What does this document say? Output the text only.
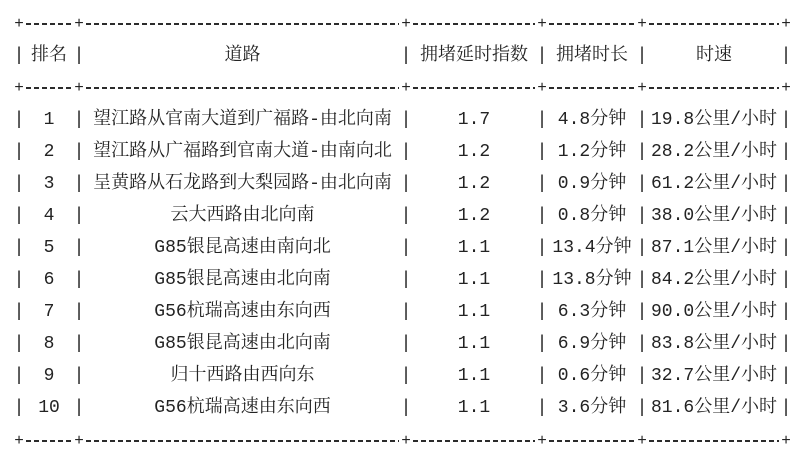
+	+	+	+	+	+
|	|	|	|	|	|
排名	道路	拥堵延时指数	拥堵时长	时速
+	+	+	+	+	+
|	|	|	|	|	|
1	望江路从官南大道到广福路-由北向南	1.7	4.8分钟	19.8公里/小时
|	|	|	|	|	|
2	望江路从广福路到官南大道-由南向北	1.2	1.2分钟	28.2公里/小时
|	|	|	|	|	|
3	呈黄路从石龙路到大梨园路-由北向南	1.2	0.9分钟	61.2公里/小时
|	|	|	|	|	|
4	云大西路由北向南	1.2	0.8分钟	38.0公里/小时
|	|	|	|	|	|
5	G85银昆高速由南向北	1.1	13.4分钟 87.1公里/小时
|	|	|	|	|	|
6	G85银昆高速由北向南	1.1	13.8分钟 84.2公里/小时
|	|	|	|	|	|
7	G56杭瑞高速由东向西	1.1	6.3分钟	90.0公里/小时
|	|	|	|	|	|
8	G85银昆高速由北向南	1.1	6.9分钟	83.8公里/小时
|	|	|	|	|	|
9	归十西路由西向东	1.1	0.6分钟	32.7公里/小时
|	|	|	|	|	|
10	G56杭瑞高速由东向西	1.1	3.6分钟	81.6公里/小时
+	+	+	+	+	+
